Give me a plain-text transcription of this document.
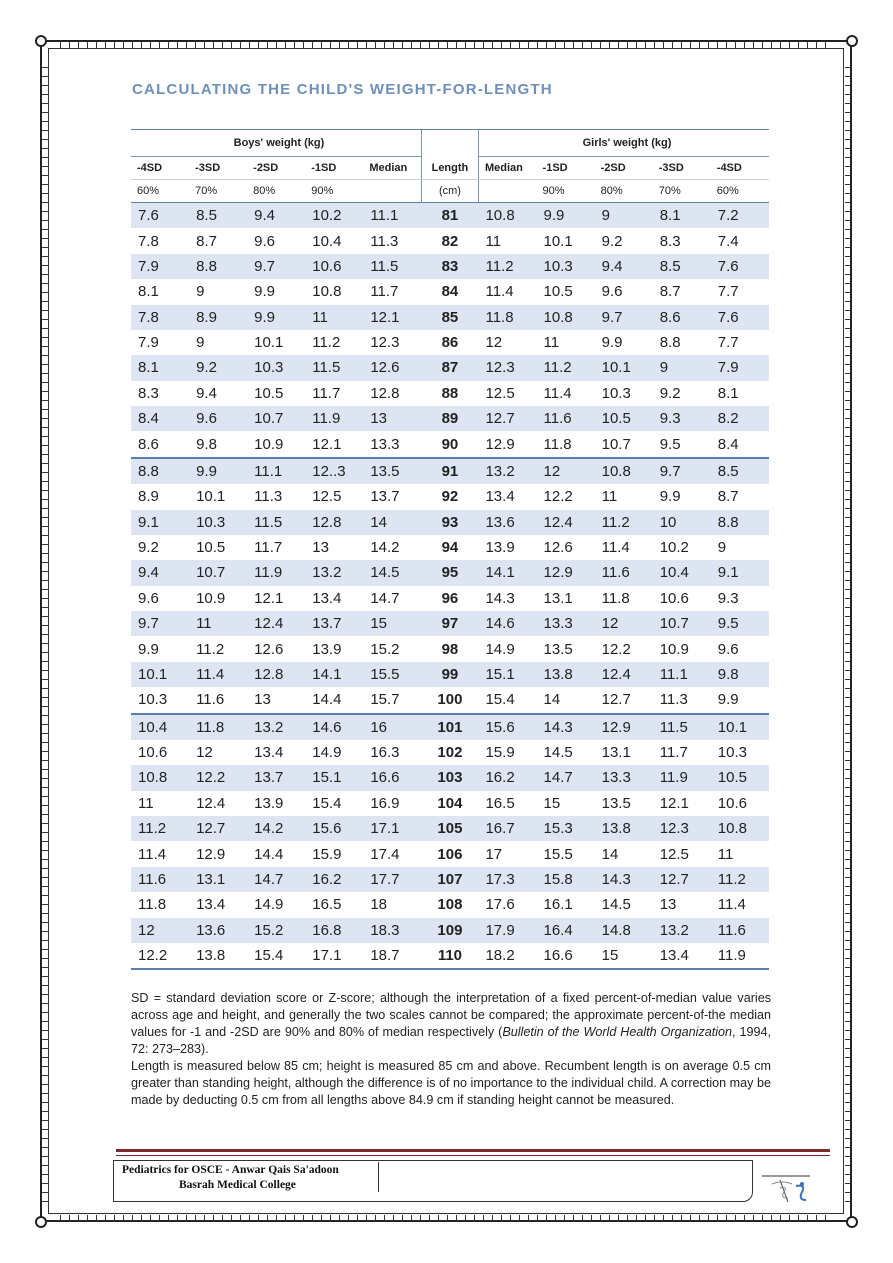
CALCULATING THE CHILD'S WEIGHT-FOR-LENGTH
Boys' weight (kg)						Girls' weight (kg)				
-4SD	-3SD	-2SD	-1SD	Median	Length	Median	-1SD	-2SD	-3SD	-4SD
60%	70%	80%	90%		(cm)		90%	80%	70%	60%
7.6	8.5	9.4	10.2	11.1	81	10.8	9.9	9	8.1	7.2
7.8	8.7	9.6	10.4	11.3	82	11	10.1	9.2	8.3	7.4
7.9	8.8	9.7	10.6	11.5	83	11.2	10.3	9.4	8.5	7.6
8.1	9	9.9	10.8	11.7	84	11.4	10.5	9.6	8.7	7.7
7.8	8.9	9.9	11	12.1	85	11.8	10.8	9.7	8.6	7.6
7.9	9	10.1	11.2	12.3	86	12	11	9.9	8.8	7.7
8.1	9.2	10.3	11.5	12.6	87	12.3	11.2	10.1	9	7.9
8.3	9.4	10.5	11.7	12.8	88	12.5	11.4	10.3	9.2	8.1
8.4	9.6	10.7	11.9	13	89	12.7	11.6	10.5	9.3	8.2
8.6	9.8	10.9	12.1	13.3	90	12.9	11.8	10.7	9.5	8.4
8.8	9.9	11.1	12..3	13.5	91	13.2	12	10.8	9.7	8.5
8.9	10.1	11.3	12.5	13.7	92	13.4	12.2	11	9.9	8.7
9.1	10.3	11.5	12.8	14	93	13.6	12.4	11.2	10	8.8
9.2	10.5	11.7	13	14.2	94	13.9	12.6	11.4	10.2	9
9.4	10.7	11.9	13.2	14.5	95	14.1	12.9	11.6	10.4	9.1
9.6	10.9	12.1	13.4	14.7	96	14.3	13.1	11.8	10.6	9.3
9.7	11	12.4	13.7	15	97	14.6	13.3	12	10.7	9.5
9.9	11.2	12.6	13.9	15.2	98	14.9	13.5	12.2	10.9	9.6
10.1	11.4	12.8	14.1	15.5	99	15.1	13.8	12.4	11.1	9.8
10.3	11.6	13	14.4	15.7	100	15.4	14	12.7	11.3	9.9
10.4	11.8	13.2	14.6	16	101	15.6	14.3	12.9	11.5	10.1
10.6	12	13.4	14.9	16.3	102	15.9	14.5	13.1	11.7	10.3
10.8	12.2	13.7	15.1	16.6	103	16.2	14.7	13.3	11.9	10.5
11	12.4	13.9	15.4	16.9	104	16.5	15	13.5	12.1	10.6
11.2	12.7	14.2	15.6	17.1	105	16.7	15.3	13.8	12.3	10.8
11.4	12.9	14.4	15.9	17.4	106	17	15.5	14	12.5	11
11.6	13.1	14.7	16.2	17.7	107	17.3	15.8	14.3	12.7	11.2
11.8	13.4	14.9	16.5	18	108	17.6	16.1	14.5	13	11.4
12	13.6	15.2	16.8	18.3	109	17.9	16.4	14.8	13.2	11.6
12.2	13.8	15.4	17.1	18.7	110	18.2	16.6	15	13.4	11.9

SD = standard deviation score or Z-score; although the interpretation of a fixed percent-of-median value varies across age and height, and generally the two scales cannot be compared; the approximate percent-of-the median values for -1 and -2SD are 90% and 80% of median respectively (Bulletin of the World Health Organization, 1994, 72: 273–283).

Length is measured below 85 cm; height is measured 85 cm and above. Recumbent length is on average 0.5 cm greater than standing height, although the difference is of no importance to the individual child. A correction may be made by deducting 0.5 cm from all lengths above 84.9 cm if standing height cannot be measured.

Pediatrics for OSCE - Anwar Qais Sa'adoon
Basrah Medical College
